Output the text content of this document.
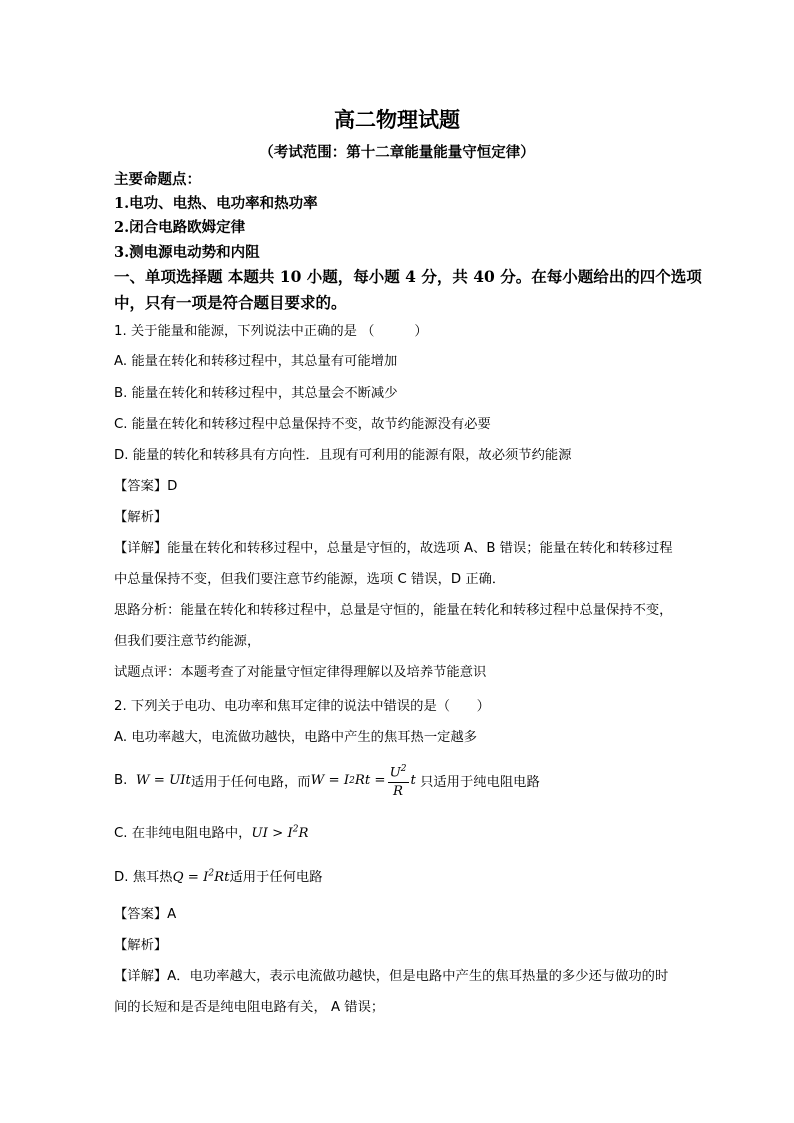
高二物理试题
（考试范围：第十二章能量能量守恒定律）
主要命题点：
1.电功、电热、电功率和热功率
2.闭合电路欧姆定律
3.测电源电动势和内阻
一、单项选择题 本题共 10 小题，每小题 4 分，共 40 分。在每小题给出的四个选项
中，只有一项是符合题目要求的。
1. 关于能量和能源，下列说法中正确的是 （　　　）
A. 能量在转化和转移过程中，其总量有可能增加
B. 能量在转化和转移过程中，其总量会不断减少
C. 能量在转化和转移过程中总量保持不变，故节约能源没有必要
D. 能量的转化和转移具有方向性．且现有可利用的能源有限，故必须节约能源
【答案】D
【解析】
【详解】能量在转化和转移过程中，总量是守恒的，故选项 A、B 错误；能量在转化和转移过程
中总量保持不变，但我们要注意节约能源，选项 C 错误，D 正确．
思路分析：能量在转化和转移过程中，总量是守恒的，能量在转化和转移过程中总量保持不变，
但我们要注意节约能源，
试题点评：本题考查了对能量守恒定律得理解以及培养节能意识
2. 下列关于电功、电功率和焦耳定律的说法中错误的是（　　）
A. 电功率越大，电流做功越快，电路中产生的焦耳热一定越多
B.
W = UIt 适用于任何电路，而 W = I 2 $Rt = \frac{U^2}{R}$ t
只适用于纯电阻电路
C. 在非纯电阻电路中，UI > $I^2R$
D. 焦耳热$Q = I^2Rt$适用于任何电路
【答案】A
【解析】
【详解】A．电功率越大，表示电流做功越快，但是电路中产生的焦耳热量的多少还与做功的时
间的长短和是否是纯电阻电路有关， A 错误；
